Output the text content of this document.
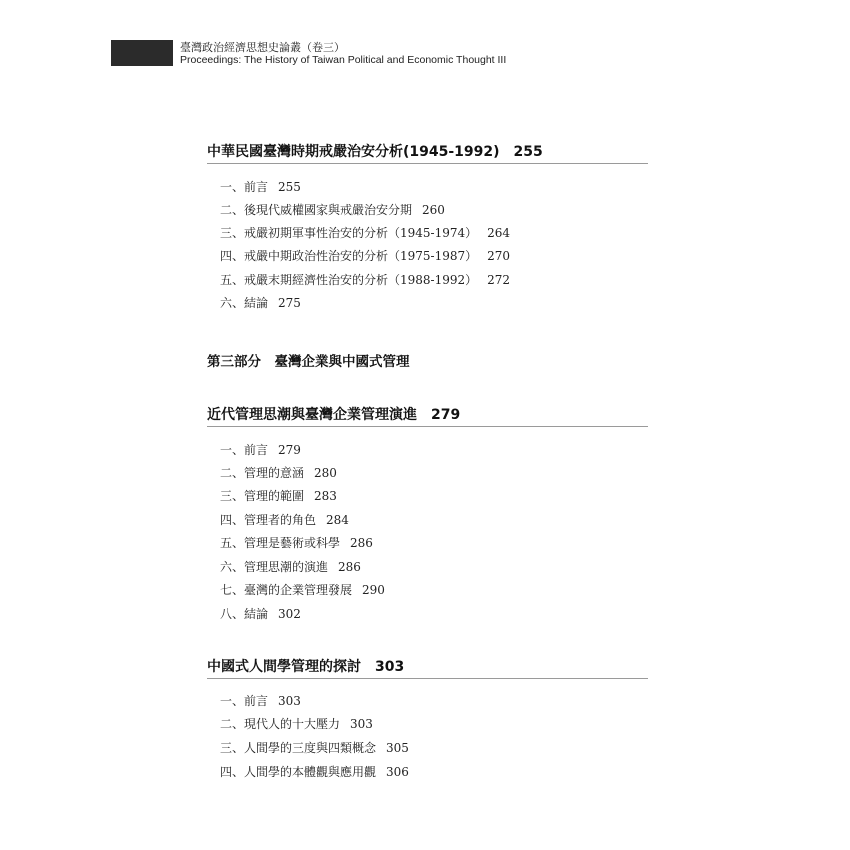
臺灣政治經濟思想史論叢（卷三）
Proceedings: The History of Taiwan Political and Economic Thought III
中華民國臺灣時期戒嚴治安分析(1945-1992)　255
一、前言 255
二、後現代威權國家與戒嚴治安分期 260
三、戒嚴初期軍事性治安的分析（1945-1974） 264
四、戒嚴中期政治性治安的分析（1975-1987） 270
五、戒嚴末期經濟性治安的分析（1988-1992） 272
六、結論 275
第三部分　臺灣企業與中國式管理
近代管理思潮與臺灣企業管理演進　279
一、前言 279
二、管理的意涵 280
三、管理的範圍 283
四、管理者的角色 284
五、管理是藝術或科學 286
六、管理思潮的演進 286
七、臺灣的企業管理發展 290
八、結論 302
中國式人間學管理的探討　303
一、前言 303
二、現代人的十大壓力 303
三、人間學的三度與四類概念 305
四、人間學的本體觀與應用觀 306
